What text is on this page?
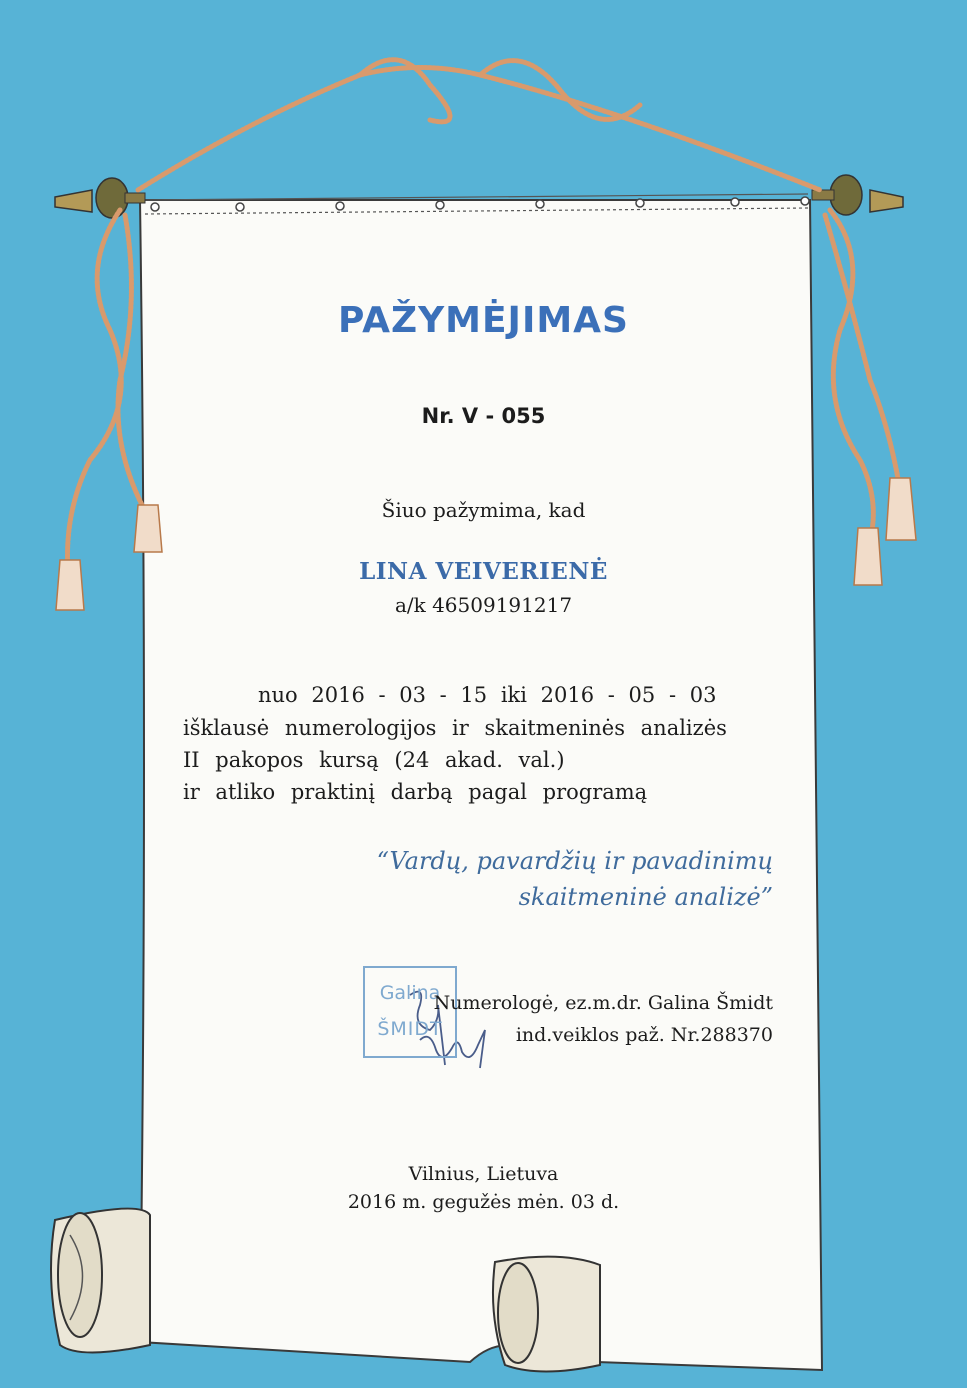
PAŽYMĖJIMAS
Nr. V - 055
Šiuo pažymima, kad
LINA VEIVERIENĖ
a/k 46509191217
nuo 2016 - 03 - 15 iki 2016 - 05 - 03
išklausė numerologijos ir skaitmeninės analizės
II pakopos kursą (24 akad. val.)
ir atliko praktinį darbą pagal programą
“Vardų, pavardžių ir pavadinimų
skaitmeninė analizė”
Galina
ŠMIDT
Numerologė, ez.m.dr. Galina Šmidt
ind.veiklos paž. Nr.288370
Vilnius, Lietuva
2016 m. gegužės mėn. 03 d.
